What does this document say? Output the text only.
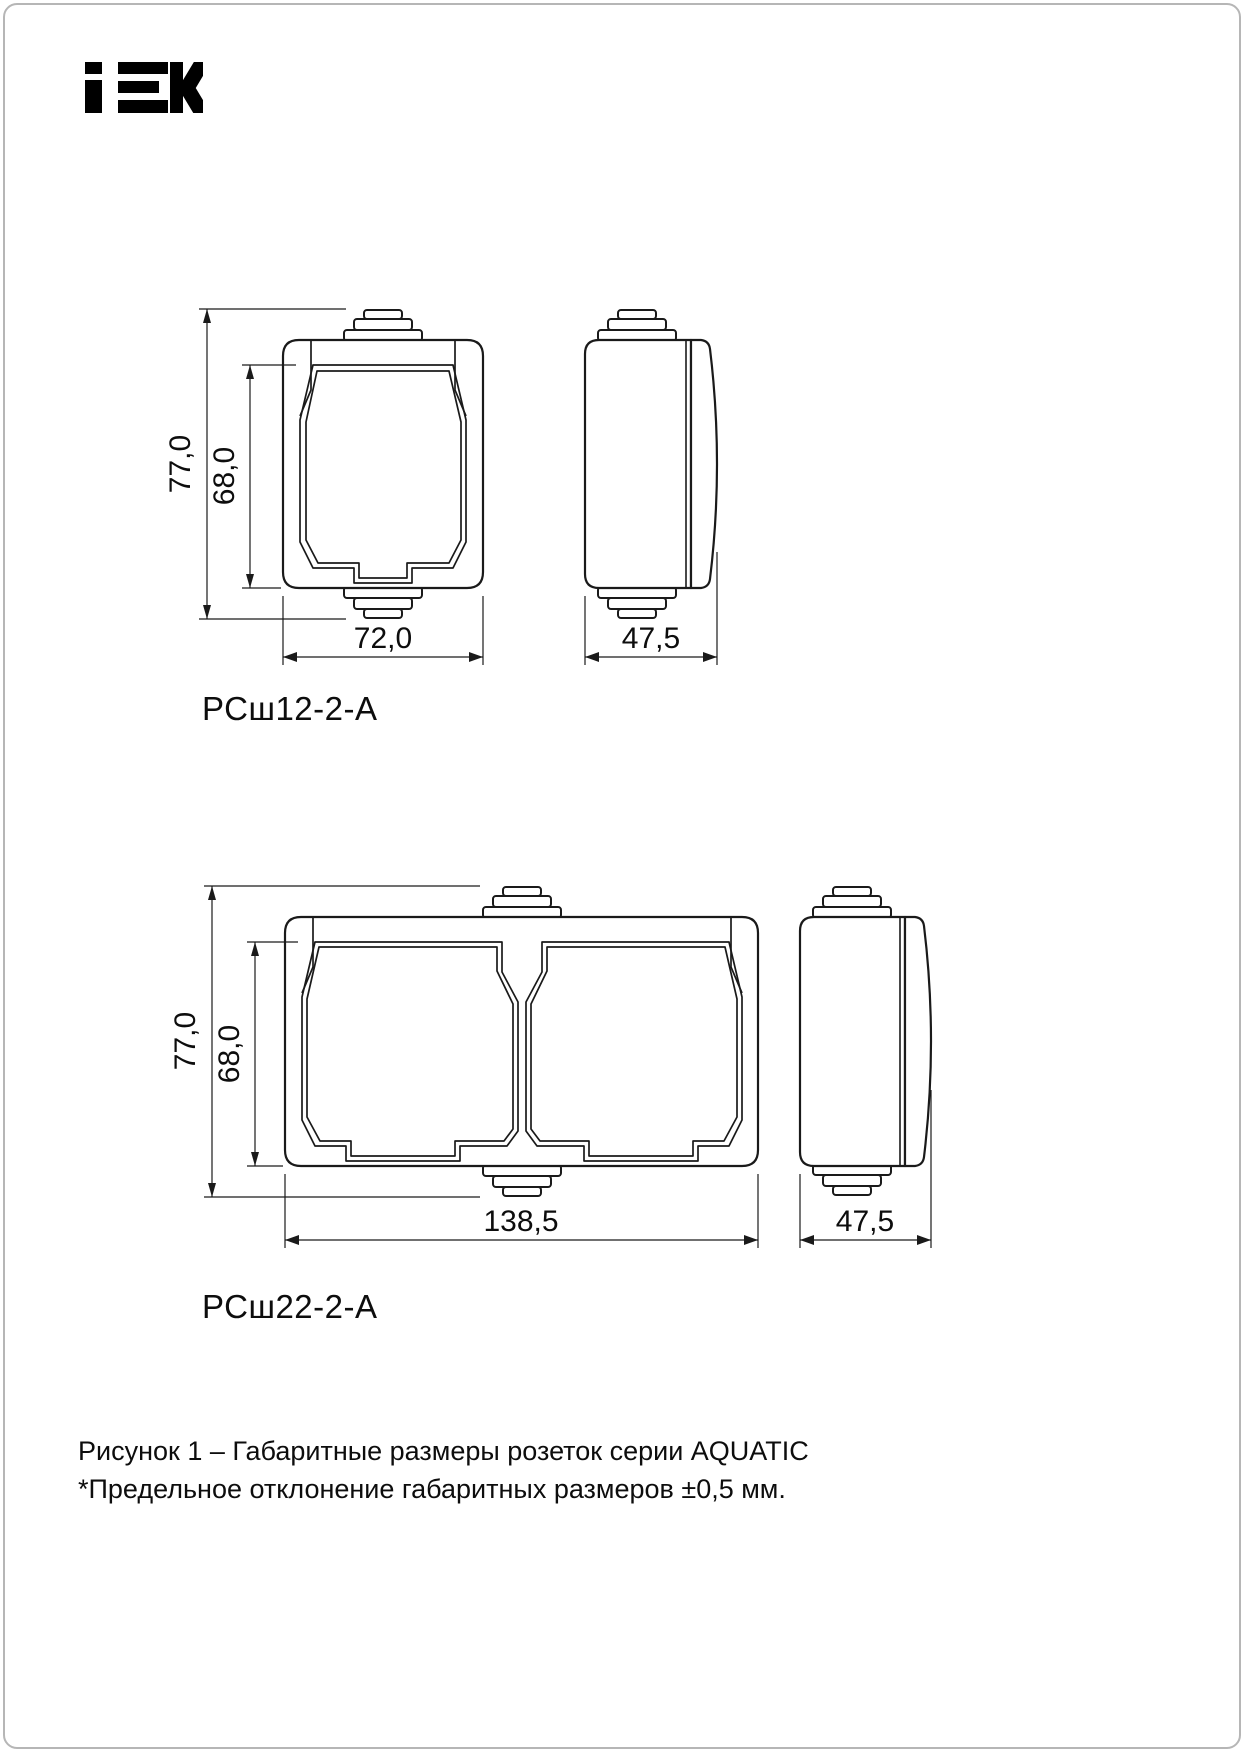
77,0 68,0
72,0	47,5
РСш12-2-А
77,0 68,0
138,5	47,5
РСш22-2-А
Рисунок 1 – Габаритные размеры розеток серии AQUATIC
*Предельное отклонение габаритных размеров ±0,5 мм.
